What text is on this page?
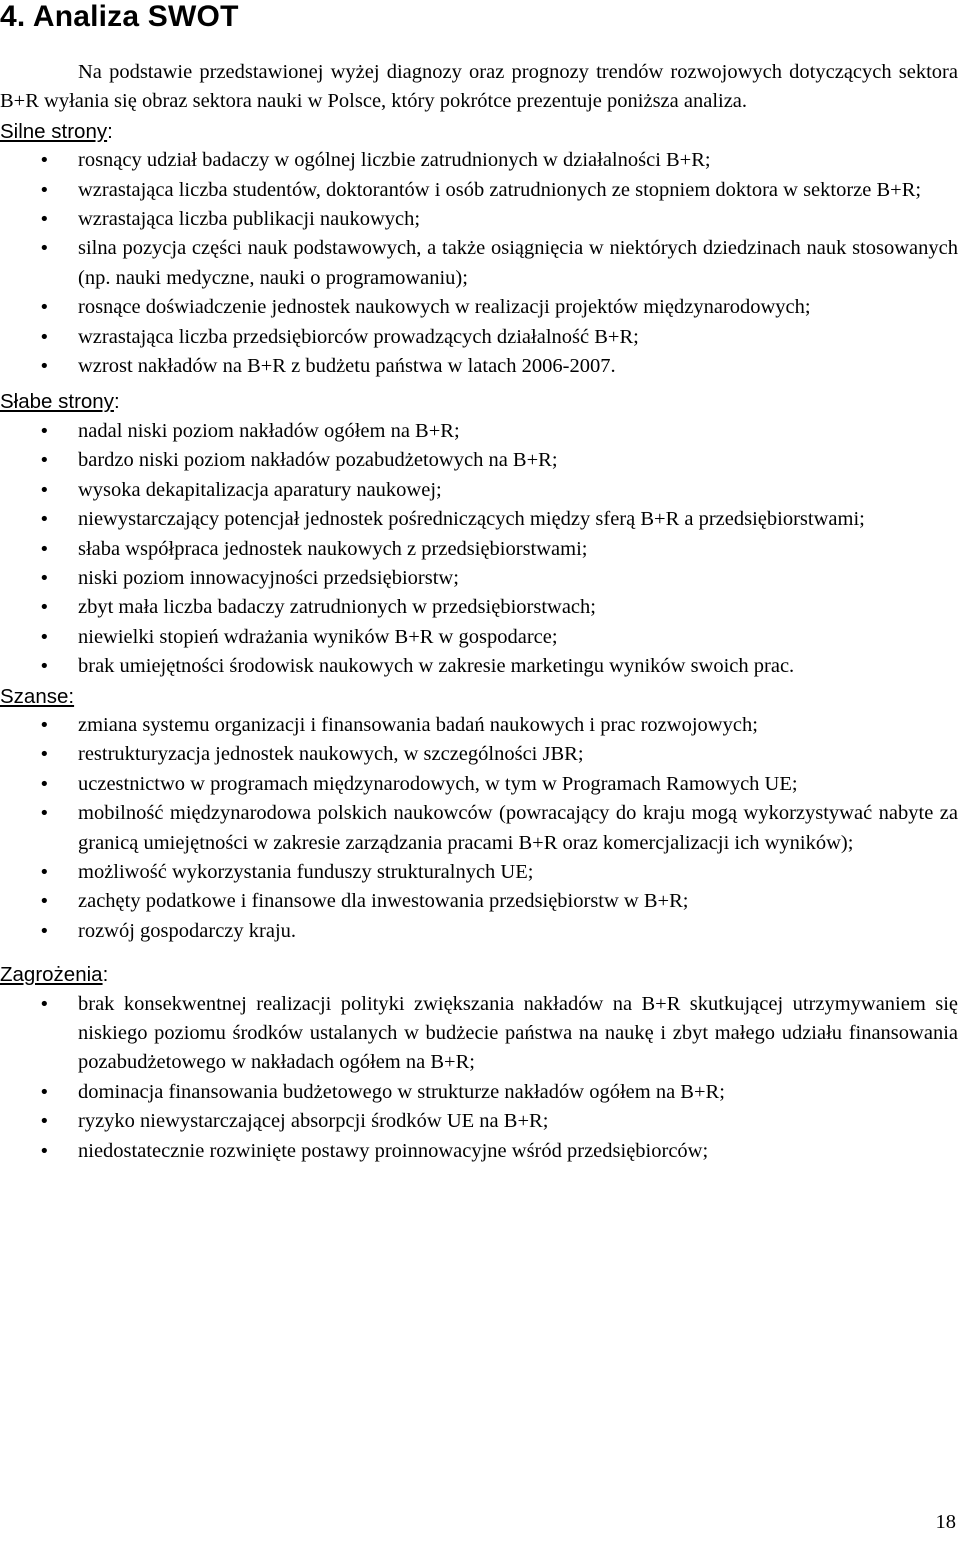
4. Analiza SWOT

Na podstawie przedstawionej wyżej diagnozy oraz prognozy trendów rozwojowych dotyczących sektora B+R wyłania się obraz sektora nauki w Polsce, który pokrótce prezentuje poniższa analiza.

Silne strony:

• rosnący udział badaczy w ogólnej liczbie zatrudnionych w działalności B+R;
• wzrastająca liczba studentów, doktorantów i osób zatrudnionych ze stopniem doktora w sektorze B+R;
• wzrastająca liczba publikacji naukowych;
• silna pozycja części nauk podstawowych, a także osiągnięcia w niektórych dziedzinach nauk stosowanych (np. nauki medyczne, nauki o programowaniu);
• rosnące doświadczenie jednostek naukowych w realizacji projektów międzynarodowych;
• wzrastająca liczba przedsiębiorców prowadzących działalność B+R;
• wzrost nakładów na B+R z budżetu państwa w latach 2006-2007.

Słabe strony:

• nadal niski poziom nakładów ogółem na B+R;
• bardzo niski poziom nakładów pozabudżetowych na B+R;
• wysoka dekapitalizacja aparatury naukowej;
• niewystarczający potencjał jednostek pośredniczących między sferą B+R a przedsiębiorstwami;
• słaba współpraca jednostek naukowych z przedsiębiorstwami;
• niski poziom innowacyjności przedsiębiorstw;
• zbyt mała liczba badaczy zatrudnionych w przedsiębiorstwach;
• niewielki stopień wdrażania wyników B+R w gospodarce;
• brak umiejętności środowisk naukowych w zakresie marketingu wyników swoich prac.

Szanse:

• zmiana systemu organizacji i finansowania badań naukowych i prac rozwojowych;
• restrukturyzacja jednostek naukowych, w szczególności JBR;
• uczestnictwo w programach międzynarodowych, w tym w Programach Ramowych UE;
• mobilność międzynarodowa polskich naukowców (powracający do kraju mogą wykorzystywać nabyte za granicą umiejętności w zakresie zarządzania pracami B+R oraz komercjalizacji ich wyników);
• możliwość wykorzystania funduszy strukturalnych UE;
• zachęty podatkowe i finansowe dla inwestowania przedsiębiorstw w B+R;
• rozwój gospodarczy kraju.

Zagrożenia:

• brak konsekwentnej realizacji polityki zwiększania nakładów na B+R skutkującej utrzymywaniem się niskiego poziomu środków ustalanych w budżecie państwa na naukę i zbyt małego udziału finansowania pozabudżetowego w nakładach ogółem na B+R;
• dominacja finansowania budżetowego w strukturze nakładów ogółem na B+R;
• ryzyko niewystarczającej absorpcji środków UE na B+R;
• niedostatecznie rozwinięte postawy proinnowacyjne wśród przedsiębiorców;
18
